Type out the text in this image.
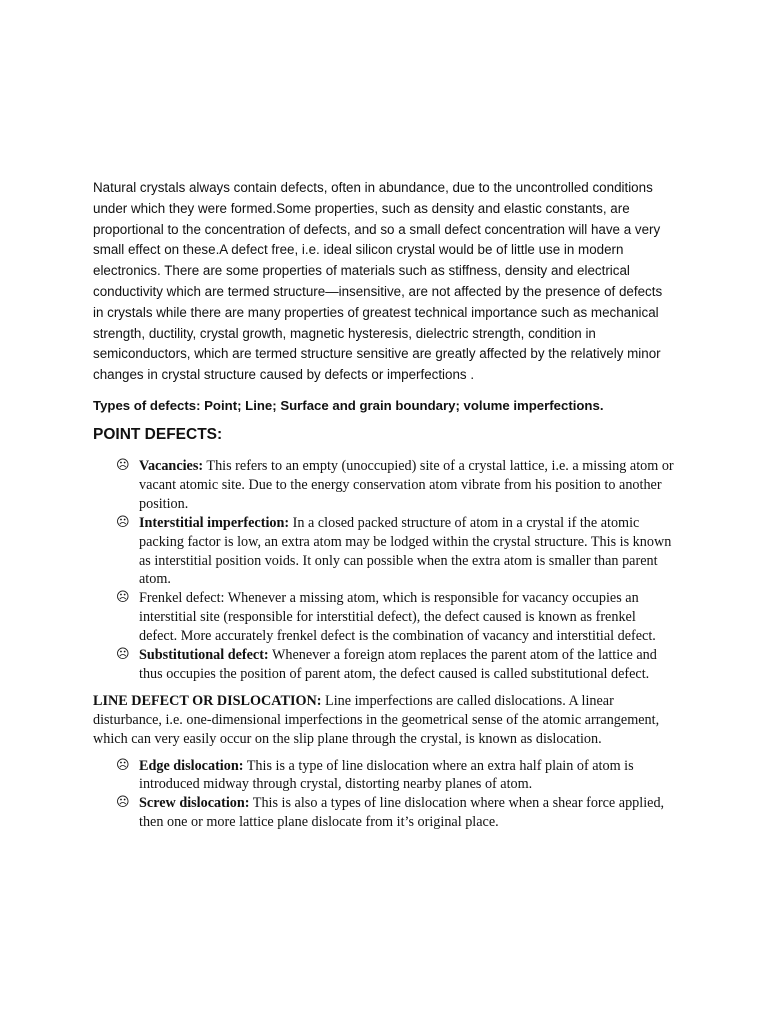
Natural crystals always contain defects, often in abundance, due to the uncontrolled conditions under which they were formed.Some properties, such as density and elastic constants, are proportional to the concentration of defects, and so a small defect concentration will have a very small effect on these.A defect free, i.e. ideal silicon crystal would be of little use in modern electronics. There are some properties of materials such as stiffness, density and electrical conductivity which are termed structure—insensitive, are not affected by the presence of defects in crystals while there are many properties of greatest technical importance such as mechanical strength, ductility, crystal growth, magnetic hysteresis, dielectric strength, condition in semiconductors, which are termed structure sensitive are greatly affected by the relatively minor changes in crystal structure caused by defects or imperfections .

Types of defects: Point; Line; Surface and grain boundary; volume imperfections.

POINT DEFECTS:
☹ Vacancies: This refers to an empty (unoccupied) site of a crystal lattice, i.e. a missing atom or vacant atomic site. Due to the energy conservation atom vibrate from his position to another position.
☹ Interstitial imperfection: In a closed packed structure of atom in a crystal if the atomic packing factor is low, an extra atom may be lodged within the crystal structure. This is known as interstitial position voids. It only can possible when the extra atom is smaller than parent atom.
☹ Frenkel defect: Whenever a missing atom, which is responsible for vacancy occupies an interstitial site (responsible for interstitial defect), the defect caused is known as frenkel defect. More accurately frenkel defect is the combination of vacancy and interstitial defect.
☹ Substitutional defect: Whenever a foreign atom replaces the parent atom of the lattice and thus occupies the position of parent atom, the defect caused is called substitutional defect.

LINE DEFECT OR DISLOCATION: Line imperfections are called dislocations. A linear disturbance, i.e. one-dimensional imperfections in the geometrical sense of the atomic arrangement, which can very easily occur on the slip plane through the crystal, is known as dislocation.

☹ Edge dislocation: This is a type of line dislocation where an extra half plain of atom is introduced midway through crystal, distorting nearby planes of atom.
☹ Screw dislocation: This is also a types of line dislocation where when a shear force applied, then one or more lattice plane dislocate from it’s original place.
